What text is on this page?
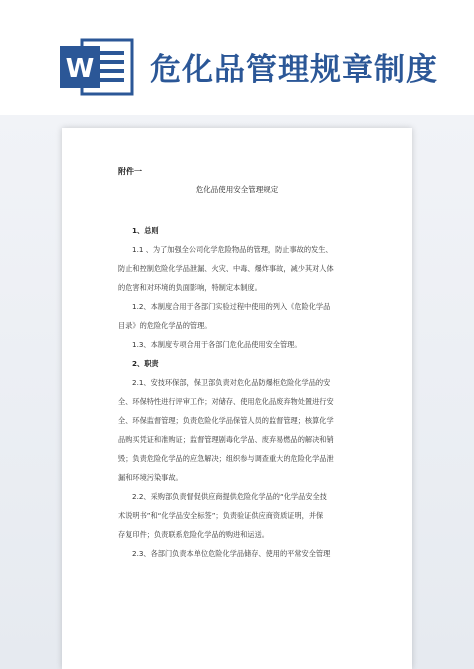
W 危化品管理规章制度
附件一
危化品使用安全管理规定
1、总则
1.1 、为了加强全公司化学危险物品的管理，防止事故的发生、
防止和控制危险化学品泄漏、火灾、中毒、爆炸事故，减少其对人体
的危害和对环境的负面影响，特制定本制度。
1.2、本制度合用于各部门实验过程中使用的列入《危险化学品
目录》的危险化学品的管理。
1.3、本制度专项合用于各部门危化品使用安全管理。
2、职责
2.1、安技环保部，保卫部负责对危化品防爆柜危险化学品的安
全、环保特性进行评审工作；对储存、使用危化品废弃物处置进行安
全、环保监督管理；负责危险化学品保管人员的监督管理；核算化学
品购买凭证和准购证；监督管理剧毒化学品、废弃易燃品的解决和销
毁；负责危险化学品的应急解决；组织参与调查重大的危险化学品泄
漏和环境污染事故。
2.2、采购部负责督促供应商提供危险化学品的“化学品安全技
术说明书”和“化学品安全标签”；负责验证供应商资质证明，并保
存复印件；负责联系危险化学品的购进和运送。
2.3、各部门负责本单位危险化学品储存、使用的平常安全管理
